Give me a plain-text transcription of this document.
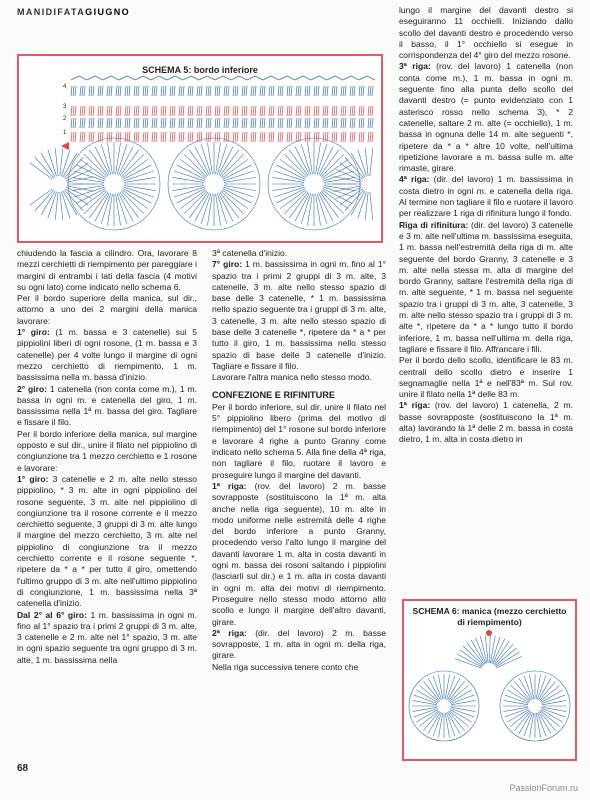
MANIDIFATAGIUGNO
SCHEMA 5: bordo inferiore
4
3
2
1

chiudendo la fascia a cilindro. Ora, lavorare 8 mezzi cerchietti di riempimento per pareggiare i margini di entrambi i lati della fascia (4 motivi su ogni lato) come indicato nello schema 6.

Per il bordo superiore della manica, sul dir., attorno a uno dei 2 margini della manica lavorare:

1° giro: (1 m. bassa e 3 catenelle) sui 5 pippiolini liberi di ogni rosone, (1 m. bassa e 3 catenelle) per 4 volte lungo il margine di ogni mezzo cerchietto di riempimento, 1 m. bassissima nella m. bassa d'inizio.

2° giro: 1 catenella (non conta come m.), 1 m. bassa in ogni m. e catenella del giro, 1 m. bassissima nella 1ª m. bassa del giro. Tagliare e fissare il filo.

Per il bordo inferiore della manica, sul margine opposto e sul dir., unire il filato nel pippiolino di congiunzione tra 1 mezzo cerchietto e 1 rosone e lavorare:

1° giro: 3 catenelle e 2 m. alte nello stesso pippiolino, * 3 m. alte in ogni pippiolino del rosone seguente, 3 m. alte nel pippiolino di congiunzione tra il rosone corrente e il mezzo cerchietto seguente, 3 gruppi di 3 m. alte lungo il margine del mezzo cerchietto, 3 m. alte nel pippiolino di congiunzione tra il mezzo cerchietto corrente e il rosone seguente *, ripetere da * a * per tutto il giro, omettendo l'ultimo gruppo di 3 m. alte nell'ultimo pippiolino di congiunzione, 1 m. bassissima nella 3ª catenella d'inizio.

Dal 2° al 6° giro: 1 m. bassissima in ogni m. fino al 1° spazio tra i primi 2 gruppi di 3 m. alte, 3 catenelle e 2 m. alte nel 1° spazio, 3 m. alte in ogni spazio seguente tra ogni gruppo di 3 m. alte, 1 m. bassissima nella

3ª catenella d'inizio.

7° giro: 1 m. bassissima in ogni m. fino al 1° spazio tra i primi 2 gruppi di 3 m. alte, 3 catenelle, 3 m. alte nello stesso spazio di base delle 3 catenelle, * 1 m. bassissima nello spazio seguente tra i gruppi di 3 m. alte, 3 catenelle, 3 m. alte nello stesso spazio di base delle 3 catenelle *, ripetere da * a * per tutto il giro, 1 m. bassissima nello stesso spazio di base delle 3 catenelle d'inizio. Tagliare e fissare il filo.

Lavorare l'altra manica nello stesso modo.

CONFEZIONE E RIFINITURE

Per il bordo inferiore, sul dir. unire il filato nel 5° pippiolino libero (prima del motivo di riempimento) del 1° rosone sul bordo inferiore e lavorare 4 righe a punto Granny come indicato nello schema 5. Alla fine della 4ª riga, non tagliare il filo, ruotare il lavoro e proseguire lungo il margine del davanti.

1ª riga: (rov. del lavoro) 2 m. basse sovrapposte (sostituiscono la 1ª m. alta anche nella riga seguente), 10 m. alte in modo uniforme nelle estremità delle 4 righe del bordo inferiore a punto Granny, procedendo verso l'alto lungo il margine del davanti lavorare 1 m. alta in costa davanti in ogni m. bassa dei rosoni saltando i pippiolini (lasciarli sul dir.) e 1 m. alta in costa davanti in ogni m. alta dei motivi di riempimento. Proseguire nello stesso modo attorno allo scollo e lungo il margine dell'altro davanti, girare.

2ª riga: (dir. del lavoro) 2 m. basse sovrapposte, 1 m. alta in ogni m. della riga, girare.

Nella riga successiva tenere conto che

lungo il margine del davanti destro si eseguiranno 11 occhielli. Iniziando dallo scollo del davanti destro e procedendo verso il basso, il 1° occhiello si esegue in corrispondenza del 4° giro del mezzo rosone.

3ª riga: (rov. del lavoro) 1 catenella (non conta come m.), 1 m. bassa in ogni m. seguente fino alla punta dello scollo del davanti destro (= punto evidenziato con 1 asterisco rosso nello schema 3), * 2 catenelle, saltare 2 m. alte (= occhiello), 1 m. bassa in ognuna delle 14 m. alte seguenti *, ripetere da * a * altre 10 volte, nell'ultima ripetizione lavorare a m. bassa sulle m. alte rimaste, girare.

4ª riga: (dir. del lavoro) 1 m. bassissima in costa dietro in ogni m. e catenella della riga. Al termine non tagliare il filo e ruotare il lavoro per realizzare 1 riga di rifinitura lungo il fondo.

Riga di rifinitura: (dir. del lavoro) 3 catenelle e 3 m. alte nell'ultima m. bassissima eseguita, 1 m. bassa nell'estremità della riga di m. alte seguente del bordo Granny, 3 catenelle e 3 m. alte nella stessa m. alta di margine del bordo Granny, saltare l'estremità della riga di m. alte seguente, * 1 m. bassa nel seguente spazio tra i gruppi di 3 m. alte, 3 catenelle, 3 m. alte nello stesso spazio tra i gruppi di 3 m. alte *, ripetere da * a * lungo tutto il bordo inferiore, 1 m. bassa nell'ultima m. della riga, tagliare e fissare il filo. Affrancare i fili.

Per il bordo dello scollo, identificare le 83 m. centrali dello scollo dietro e inserire 1 segnamaglie nella 1ª e nell'83ª m. Sul rov. unire il filato nella 1ª delle 83 m.

1ª riga: (rov. del lavoro) 1 catenella, 2 m. basse sovrapposte (sostituiscono la 1ª m. alta) lavorando la 1ª delle 2 m. bassa in costa dietro, 1 m. alta in costa dietro in

SCHEMA 6: manica (mezzo cerchietto di riempimento)
68
PassionForum.ru
